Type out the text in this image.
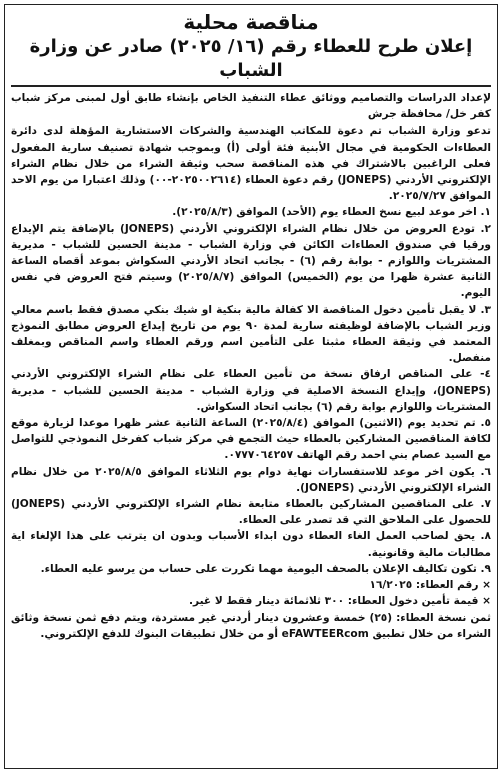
مناقصة محلية
إعلان طرح للعطاء رقم (١٦/ ٢٠٢٥) صادر عن وزارة الشباب

لإعداد الدراسات والتصاميم ووثائق عطاء التنفيذ الخاص بإنشاء طابق أول لمبنى مركز شباب كفر خل/ محافظة جرش

تدعو وزارة الشباب تم دعوة للمكاتب الهندسية والشركات الاستشارية المؤهلة لدى دائرة العطاءات الحكومية في مجال الأبنية فئة أولى (أ) وبموجب شهادة تصنيف سارية المفعول فعلى الراغبين بالاشتراك في هذه المناقصة سحب وثيقة الشراء من خلال نظام الشراء الإلكتروني الأردني (JONEPS) رقم دعوة العطاء (٢٠٢٥٠٠٢٦١٤-٠٠) وذلك اعتبارا من يوم الاحد الموافق ٢٠٢٥/٧/٢٧.

١. اخر موعد لبيع نسخ العطاء يوم (الأحد) الموافق (٢٠٢٥/٨/٣).

٢. تودع العروض من خلال نظام الشراء الإلكتروني الأردني (JONEPS) بالإضافة يتم الإيداع ورقيا في صندوق العطاءات الكائن في وزارة الشباب - مدينة الحسين للشباب - مديرية المشتريات واللوازم - بوابة رقم (٦) - بجانب اتحاد الأردني السكواش بموعد أقصاه الساعة الثانية عشرة ظهرا من يوم (الخميس) الموافق (٢٠٢٥/٨/٧) وسيتم فتح العروض في نفس اليوم.

٣. لا يقبل تأمين دخول المناقصة الا كفالة مالية بنكية او شيك بنكي مصدق فقط باسم معالي وزير الشباب بالإضافة لوظيفته سارية لمدة ٩٠ يوم من تاريخ إيداع العروض مطابق النموذج المعتمد في وثيقة العطاء مثبتا على التأمين اسم ورقم العطاء واسم المناقص وبمغلف منفصل.

٤- على المناقص ارفاق نسخة من تأمين العطاء على نظام الشراء الإلكتروني الأردني (JONEPS)، وإيداع النسخة الاصلية في وزارة الشباب - مدينة الحسين للشباب - مديرية المشتريات واللوازم بوابة رقم (٦) بجانب اتحاد السكواش.

٥. تم تحديد يوم (الاثنين) الموافق (٢٠٢٥/٨/٤) الساعة الثانية عشر ظهرا موعدا لزيارة موقع لكافة المناقصين المشاركين بالعطاء حيث التجمع في مركز شباب كفرخل النموذجي للتواصل مع السيد عصام بني احمد رقم الهاتف ٠٧٧٧٠٦٤٢٥٧.

٦. يكون اخر موعد للاستفسارات نهاية دوام يوم الثلاثاء الموافق ٢٠٢٥/٨/٥ من خلال نظام الشراء الإلكتروني الأردني (JONEPS).

٧. على المناقصين المشاركين بالعطاء متابعة نظام الشراء الإلكتروني الأردني (JONEPS) للحصول على الملاحق التي قد تصدر على العطاء.

٨. يحق لصاحب العمل الغاء العطاء دون ابداء الأسباب وبدون ان يترتب على هذا الإلغاء اية مطالبات مالية وقانونية.

٩. تكون تكاليف الإعلان بالصحف اليومية مهما تكررت على حساب من يرسو عليه العطاء.

× رقم العطاء: ١٦/٢٠٢٥

× قيمة تأمين دخول العطاء: ٣٠٠ ثلاثمائة دينار فقط لا غير.

ثمن نسخة العطاء: (٢٥) خمسة وعشرون دينار أردني غير مستردة، ويتم دفع ثمن نسخة وثائق الشراء من خلال تطبيق eFAWTEERcom أو من خلال تطبيقات البنوك للدفع الإلكتروني.
